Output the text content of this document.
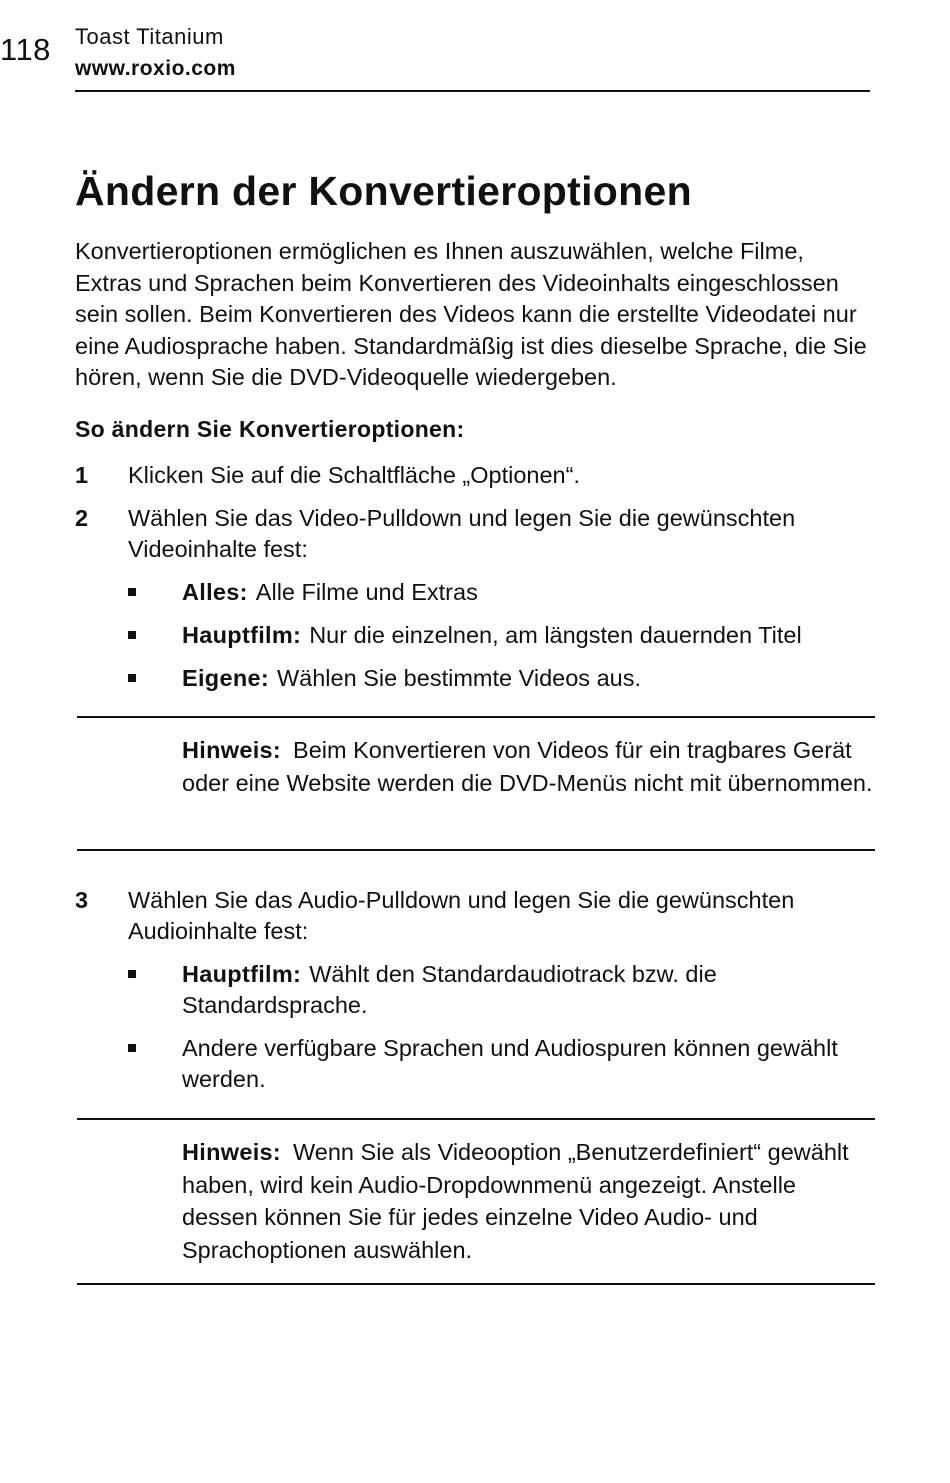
118 Toast Titanium
www.roxio.com
Ändern der Konvertieroptionen

Konvertieroptionen ermöglichen es Ihnen auszuwählen, welche Filme, Extras und Sprachen beim Konvertieren des Videoinhalts eingeschlossen sein sollen. Beim Konvertieren des Videos kann die erstellte Videodatei nur eine Audiosprache haben. Standardmäßig ist dies dieselbe Sprache, die Sie hören, wenn Sie die DVD-Videoquelle wiedergeben.

So ändern Sie Konvertieroptionen:
1 Klicken Sie auf die Schaltfläche „Optionen“.
2 Wählen Sie das Video-Pulldown und legen Sie die gewünschten Videoinhalte fest:
Alles: Alle Filme und Extras
Hauptfilm: Nur die einzelnen, am längsten dauernden Titel
Eigene: Wählen Sie bestimmte Videos aus.
Hinweis: Beim Konvertieren von Videos für ein tragbares Gerät oder eine Website werden die DVD-Menüs nicht mit übernommen.
3 Wählen Sie das Audio-Pulldown und legen Sie die gewünschten Audioinhalte fest:
Hauptfilm: Wählt den Standardaudiotrack bzw. die Standardsprache.
Andere verfügbare Sprachen und Audiospuren können gewählt werden.
Hinweis: Wenn Sie als Videooption „Benutzerdefiniert“ gewählt haben, wird kein Audio-Dropdownmenü angezeigt. Anstelle dessen können Sie für jedes einzelne Video Audio- und Sprachoptionen auswählen.
